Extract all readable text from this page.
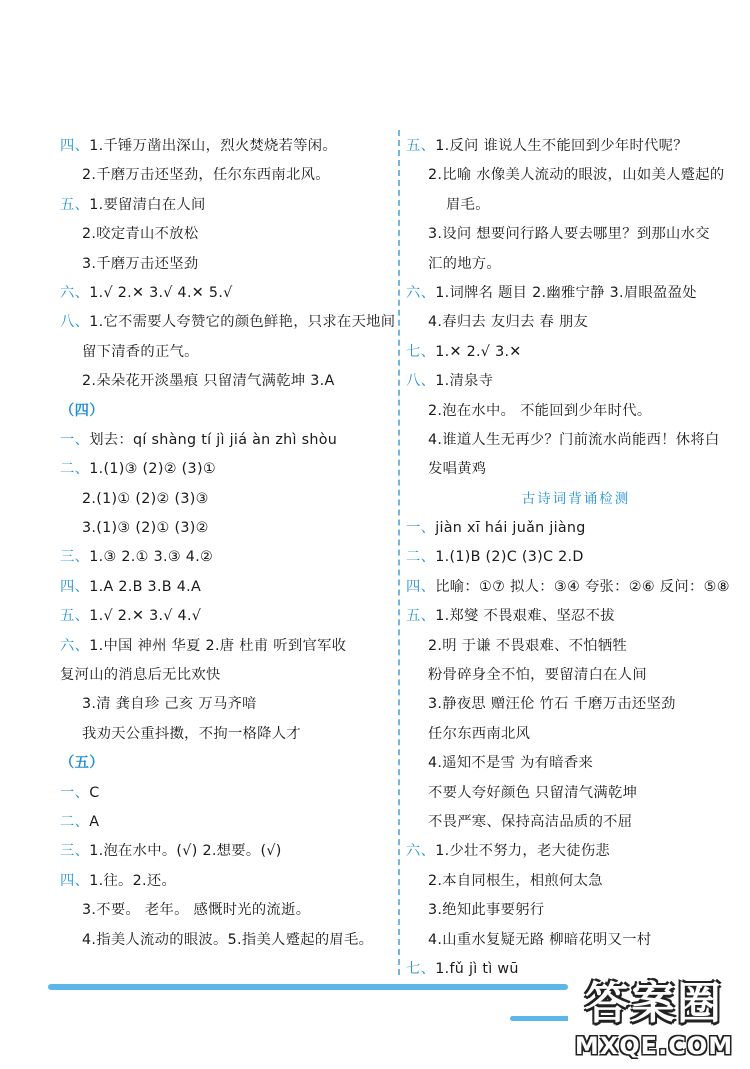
四、1.千锤万凿出深山，烈火焚烧若等闲。
2.千磨万击还坚劲，任尔东西南北风。
五、1.要留清白在人间
2.咬定青山不放松
3.千磨万击还坚劲
六、1.√ 2.✕ 3.√ 4.✕ 5.√
八、1.它不需要人夸赞它的颜色鲜艳，只求在天地间
留下清香的正气。
2.朵朵花开淡墨痕 只留清气满乾坤 3.A
（四）
一、划去：qí shàng tí jì jiá àn zhì shòu
二、1.(1)③ (2)② (3)①
2.(1)① (2)② (3)③
3.(1)③ (2)① (3)②
三、1.③ 2.① 3.③ 4.②
四、1.A 2.B 3.B 4.A
五、1.√ 2.✕ 3.√ 4.√
六、1.中国 神州 华夏 2.唐 杜甫 听到官军收
复河山的消息后无比欢快
3.清 龚自珍 己亥 万马齐喑
我劝天公重抖擞，不拘一格降人才
（五）
一、C
二、A
三、1.泡在水中。(√) 2.想要。(√)
四、1.往。2.还。
3.不要。 老年。 感慨时光的流逝。
4.指美人流动的眼波。5.指美人蹙起的眉毛。
五、1.反问 谁说人生不能回到少年时代呢？
2.比喻 水像美人流动的眼波，山如美人蹙起的
眉毛。
3.设问 想要问行路人要去哪里？到那山水交
汇的地方。
六、1.词牌名 题目 2.幽雅宁静 3.眉眼盈盈处
4.春归去 友归去 春 朋友
七、1.✕ 2.√ 3.✕
八、1.清泉寺
2.泡在水中。 不能回到少年时代。
4.谁道人生无再少？门前流水尚能西！休将白
发唱黄鸡
古诗词背诵检测
一、jiàn xī hái juǎn jiàng
二、1.(1)B (2)C (3)C 2.D
四、比喻：①⑦ 拟人：③④ 夸张：②⑥ 反问：⑤⑧
五、1.郑燮 不畏艰难、坚忍不拔
2.明 于谦 不畏艰难、不怕牺牲
粉骨碎身全不怕，要留清白在人间
3.静夜思 赠汪伦 竹石 千磨万击还坚劲
任尔东西南北风
4.遥知不是雪 为有暗香来
不要人夸好颜色 只留清气满乾坤
不畏严寒、保持高洁品质的不屈
六、1.少壮不努力，老大徒伤悲
2.本自同根生，相煎何太急
3.绝知此事要躬行
4.山重水复疑无路 柳暗花明又一村
七、1.fǔ jì tì wū
答案圈
MXQE.COM
